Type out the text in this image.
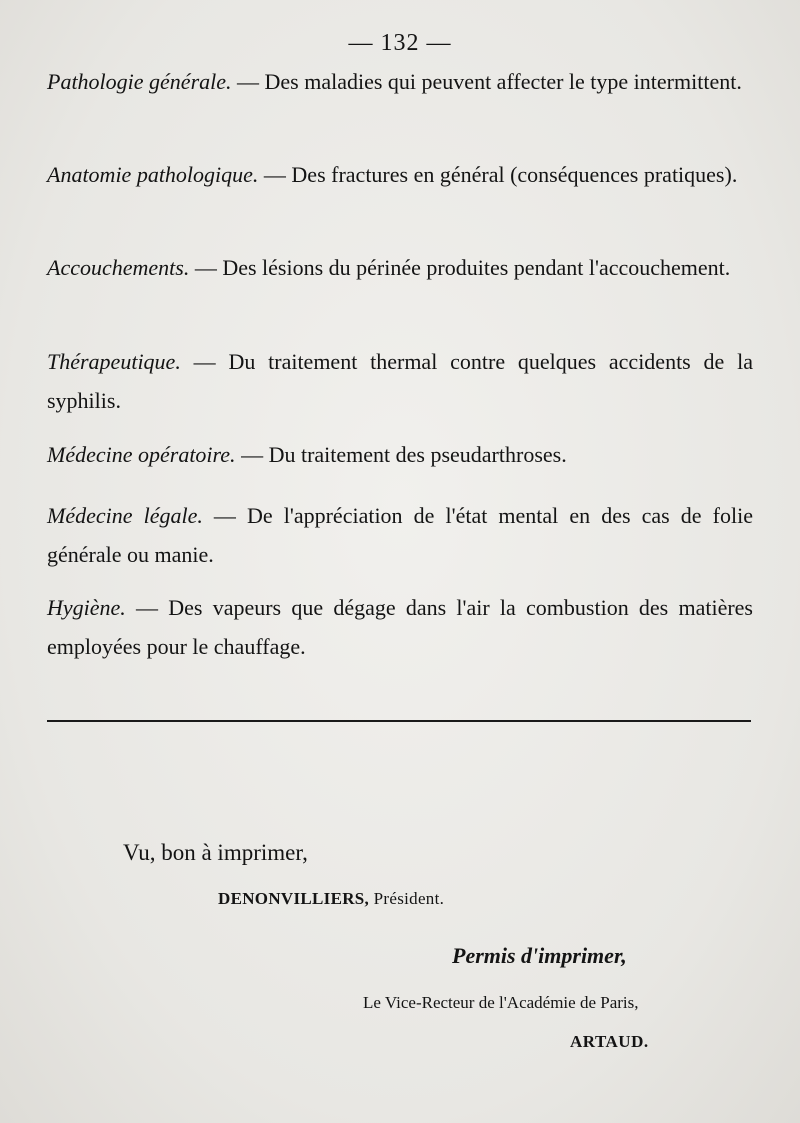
— 132 —

Pathologie générale. — Des maladies qui peuvent affecter le type intermittent.

Anatomie pathologique. — Des fractures en général (conséquences pratiques).

Accouchements. — Des lésions du périnée produites pendant l'accouchement.

Thérapeutique. — Du traitement thermal contre quelques accidents de la syphilis.

Médecine opératoire. — Du traitement des pseudarthroses.

Médecine légale. — De l'appréciation de l'état mental en des cas de folie générale ou manie.

Hygiène. — Des vapeurs que dégage dans l'air la combustion des matières employées pour le chauffage.

Vu, bon à imprimer,
DENONVILLIERS, Président.
Permis d'imprimer,
Le Vice-Recteur de l'Académie de Paris,
ARTAUD.
